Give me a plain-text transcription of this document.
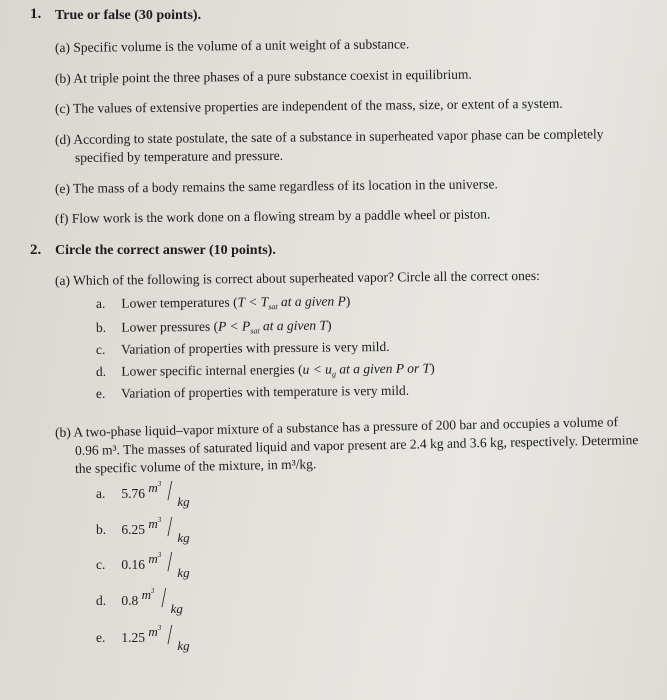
1. True or false (30 points).
(a) Specific volume is the volume of a unit weight of a substance.
(b) At triple point the three phases of a pure substance coexist in equilibrium.
(c) The values of extensive properties are independent of the mass, size, or extent of a system.
(d) According to state postulate, the sate of a substance in superheated vapor phase can be completely
specified by temperature and pressure.
(e) The mass of a body remains the same regardless of its location in the universe.
(f) Flow work is the work done on a flowing stream by a paddle wheel or piston.
2. Circle the correct answer (10 points).
(a) Which of the following is correct about superheated vapor? Circle all the correct ones:
a. Lower temperatures ($T < T_{sat}$ at a given P)
b. Lower pressures ($P < P_{sat}$ at a given T)
c. Variation of properties with pressure is very mild.
d. Lower specific internal energies ($u < u_g$ at a given P or T)
e. Variation of properties with temperature is very mild.
(b) A two-phase liquid–vapor mixture of a substance has a pressure of 200 bar and occupies a volume of
0.96 m³. The masses of saturated liquid and vapor present are 2.4 kg and 3.6 kg, respectively. Determine
the specific volume of the mixture, in m³/kg.
a. 5.76 $m^3$ / kg
b. 6.25 $m^3$ / kg
c. 0.16 $m^3$ / kg
d. 0.8 $m^3$ / kg
e. 1.25 $m^3$ / kg
